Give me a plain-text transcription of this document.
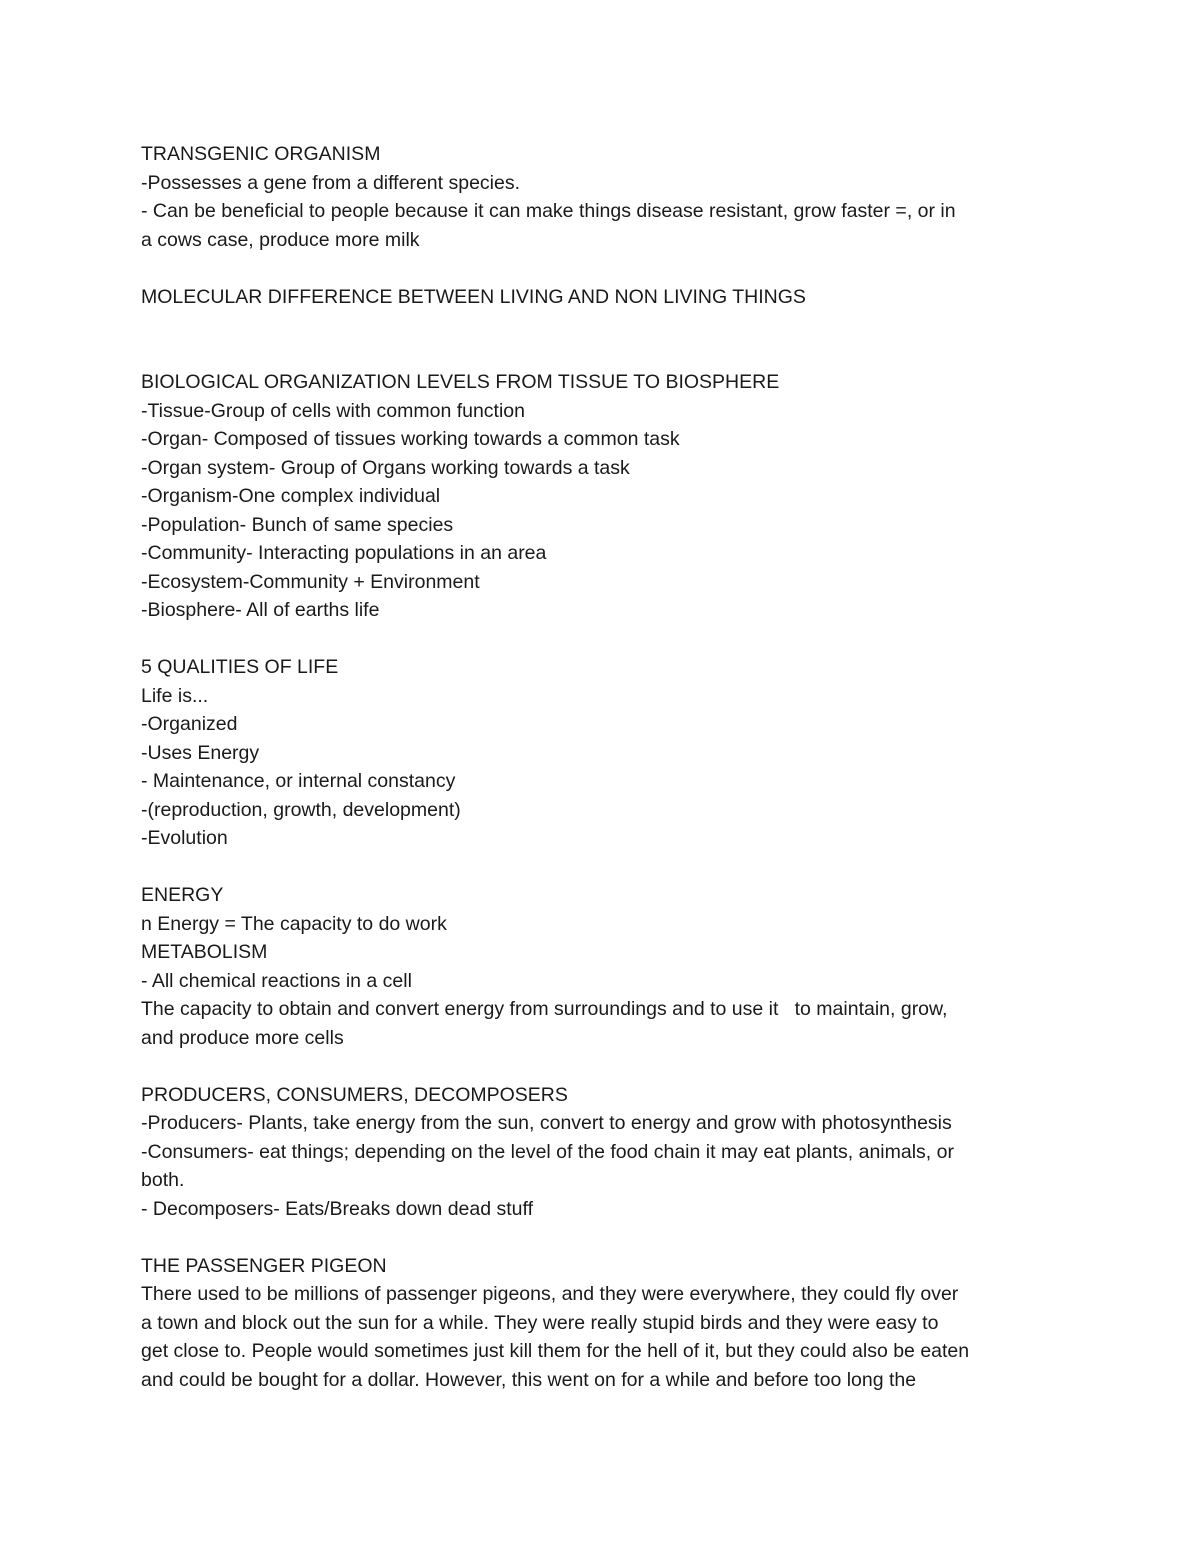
TRANSGENIC ORGANISM

-Possesses a gene from a different species.

- Can be beneficial to people because it can make things disease resistant, grow faster =, or in

a cows case, produce more milk

MOLECULAR DIFFERENCE BETWEEN LIVING AND NON LIVING THINGS

BIOLOGICAL ORGANIZATION LEVELS FROM TISSUE TO BIOSPHERE

-Tissue-Group of cells with common function

-Organ- Composed of tissues working towards a common task

-Organ system- Group of Organs working towards a task

-Organism-One complex individual

-Population- Bunch of same species

-Community- Interacting populations in an area

-Ecosystem-Community + Environment

-Biosphere- All of earths life

5 QUALITIES OF LIFE

Life is...

-Organized

-Uses Energy

- Maintenance, or internal constancy

-(reproduction, growth, development)

-Evolution

ENERGY

n Energy = The capacity to do work

METABOLISM

- All chemical reactions in a cell

The capacity to obtain and convert energy from surroundings and to use it   to maintain, grow,

and produce more cells

PRODUCERS, CONSUMERS, DECOMPOSERS

-Producers- Plants, take energy from the sun, convert to energy and grow with photosynthesis

-Consumers- eat things; depending on the level of the food chain it may eat plants, animals, or

both.

- Decomposers- Eats/Breaks down dead stuff

THE PASSENGER PIGEON

There used to be millions of passenger pigeons, and they were everywhere, they could fly over

a town and block out the sun for a while. They were really stupid birds and they were easy to

get close to. People would sometimes just kill them for the hell of it, but they could also be eaten

and could be bought for a dollar. However, this went on for a while and before too long the
